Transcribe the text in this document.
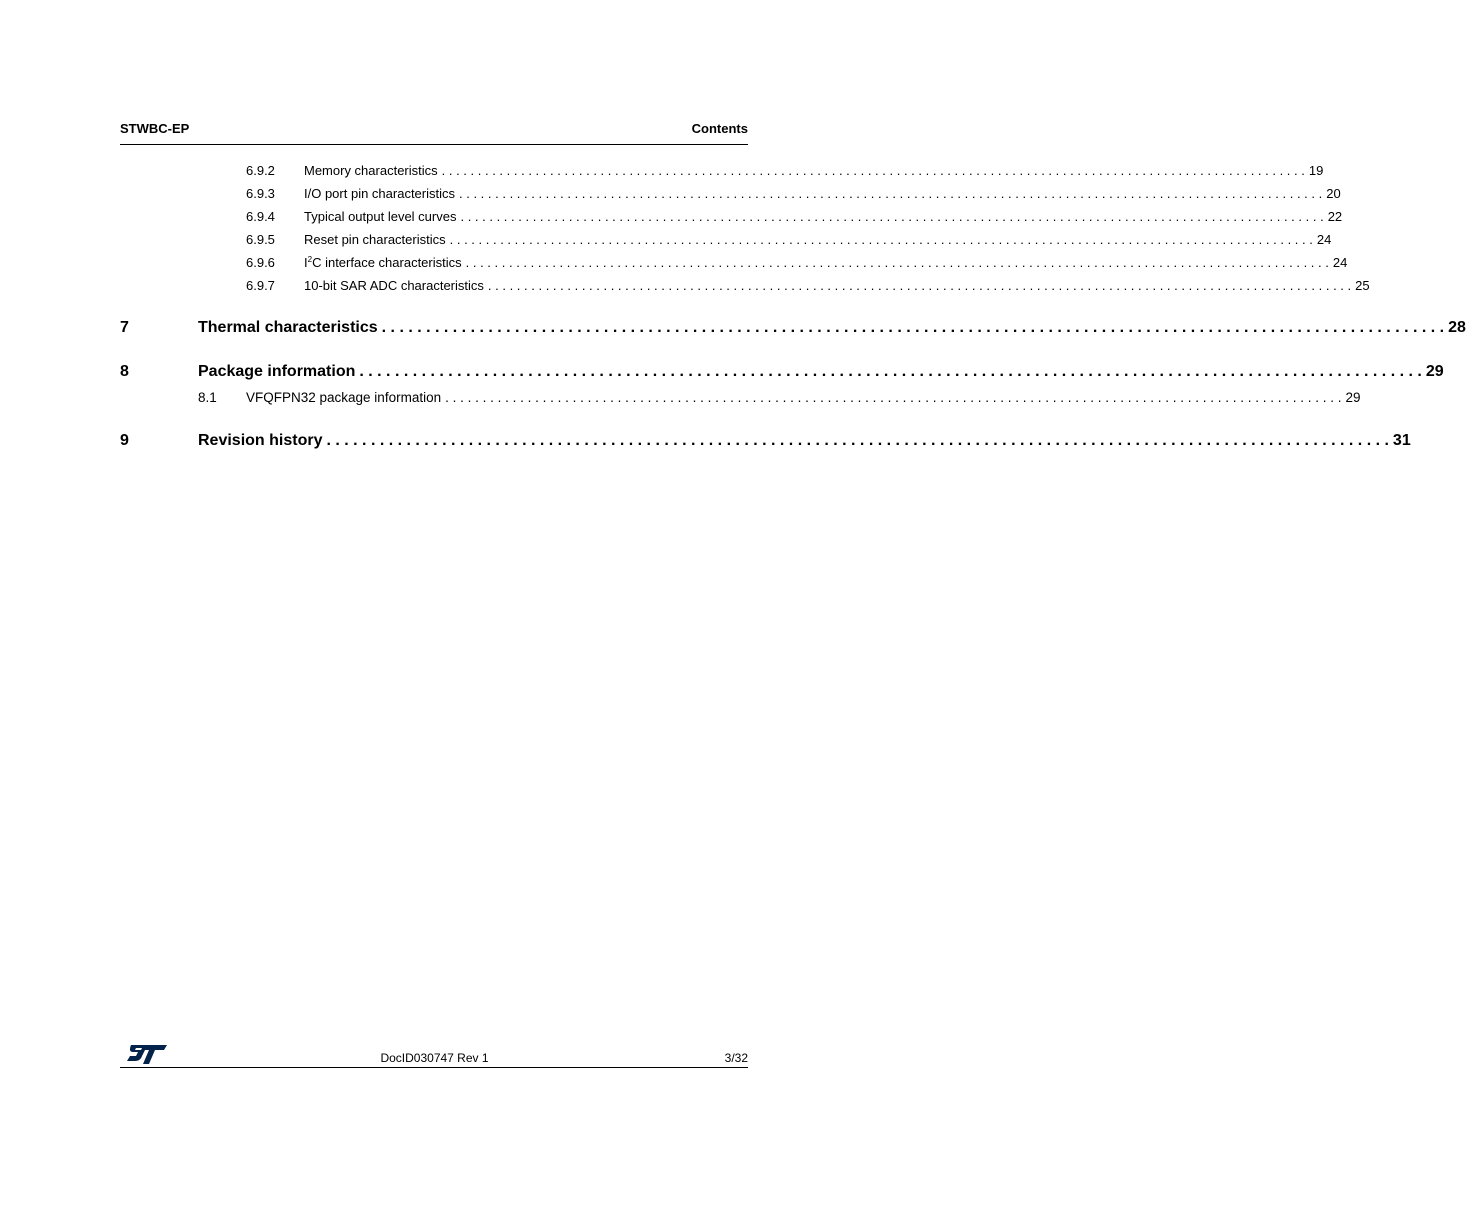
STWBC-EP	Contents
6.9.2 Memory characteristics . . . . . . . . . . . . . . . . . . . . . . . . . . . . . . . . . . . . . . . . . . . . . . . . . . . . . . . . . . . . . . . . . . . . . . . . . . . . . . . . . . . . . . . . . . . . . . . . . . . . . . . . . . . . . . . . . . . . . . . . 19
6.9.3 I/O port pin characteristics . . . . . . . . . . . . . . . . . . . . . . . . . . . . . . . . . . . . . . . . . . . . . . . . . . . . . . . . . . . . . . . . . . . . . . . . . . . . . . . . . . . . . . . . . . . . . . . . . . . . . . . . . . . . . . . . . . . . . . . . 20
6.9.4 Typical output level curves . . . . . . . . . . . . . . . . . . . . . . . . . . . . . . . . . . . . . . . . . . . . . . . . . . . . . . . . . . . . . . . . . . . . . . . . . . . . . . . . . . . . . . . . . . . . . . . . . . . . . . . . . . . . . . . . . . . . . . . . 22
6.9.5 Reset pin characteristics . . . . . . . . . . . . . . . . . . . . . . . . . . . . . . . . . . . . . . . . . . . . . . . . . . . . . . . . . . . . . . . . . . . . . . . . . . . . . . . . . . . . . . . . . . . . . . . . . . . . . . . . . . . . . . . . . . . . . . . . 24
6.9.6 $I^2C$ interface characteristics . . . . . . . . . . . . . . . . . . . . . . . . . . . . . . . . . . . . . . . . . . . . . . . . . . . . . . . . . . . . . . . . . . . . . . . . . . . . . . . . . . . . . . . . . . . . . . . . . . . . . . . . . . . . . . . . . . . . . . . . 24
6.9.7 10-bit SAR ADC characteristics . . . . . . . . . . . . . . . . . . . . . . . . . . . . . . . . . . . . . . . . . . . . . . . . . . . . . . . . . . . . . . . . . . . . . . . . . . . . . . . . . . . . . . . . . . . . . . . . . . . . . . . . . . . . . . . . . . . . . . . . 25
7	Thermal characteristics . . . . . . . . . . . . . . . . . . . . . . . . . . . . . . . . . . . . . . . . . . . . . . . . . . . . . . . . . . . . . . . . . . . . . . . . . . . . . . . . . . . . . . . . . . . . . . . . . . . . . . . . . . . . . . . . . . . . . . . . 28
8	Package information . . . . . . . . . . . . . . . . . . . . . . . . . . . . . . . . . . . . . . . . . . . . . . . . . . . . . . . . . . . . . . . . . . . . . . . . . . . . . . . . . . . . . . . . . . . . . . . . . . . . . . . . . . . . . . . . . . . . . . . . 29
8.1 VFQFPN32 package information . . . . . . . . . . . . . . . . . . . . . . . . . . . . . . . . . . . . . . . . . . . . . . . . . . . . . . . . . . . . . . . . . . . . . . . . . . . . . . . . . . . . . . . . . . . . . . . . . . . . . . . . . . . . . . . . . . . . . . . . 29
9	Revision history . . . . . . . . . . . . . . . . . . . . . . . . . . . . . . . . . . . . . . . . . . . . . . . . . . . . . . . . . . . . . . . . . . . . . . . . . . . . . . . . . . . . . . . . . . . . . . . . . . . . . . . . . . . . . . . . . . . . . . . . 31
DocID030747 Rev 1	3/32
